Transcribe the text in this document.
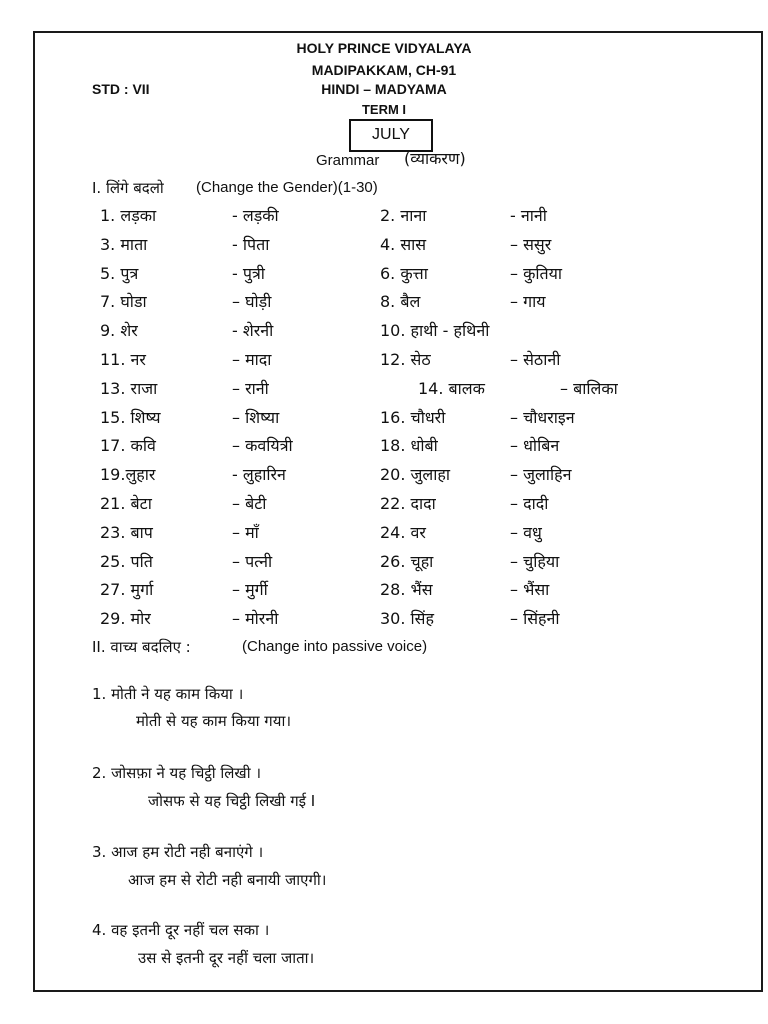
HOLY PRINCE VIDYALAYA
MADIPAKKAM, CH-91
STD : VII	HINDI – MADYAMA
TERM I
JULY
Grammar (व्याकरण)
I. लिंगे बदलो (Change the Gender)(1-30)
1. लड़का	- लड़की	2. नाना	- नानी
3. माता	- पिता	4. सास	– ससुर
5. पुत्र	- पुत्री	6. कुत्ता	– कुतिया
7. घोडा	– घोड़ी	8. बैल	– गाय
9. शेर	- शेरनी	10. हाथी - हथिनी
11. नर	– मादा	12. सेठ	– सेठानी
13. राजा	– रानी	14. बालक	– बालिका
15. शिष्य	– शिष्या	16. चौधरी	– चौधराइन
17. कवि	– कवयित्री	18. धोबी	– धोबिन
19.लुहार	- लुहारिन	20. जुलाहा	– जुलाहिन
21. बेटा	– बेटी	22. दादा	– दादी
23. बाप	– माँ	24. वर	– वधु
25. पति	– पत्नी	26. चूहा	– चुहिया
27. मुर्गा	– मुर्गी	28. भैंस	– भैंसा
29. मोर	– मोरनी	30. सिंह	– सिंहनी
II. वाच्य बदलिए :	(Change into passive voice)
1. मोती ने यह काम किया ।
मोती से यह काम किया गया।
2. जोसफ़ा ने यह चिट्ठी लिखी ।
जोसफ से यह चिट्ठी लिखी गई I
3. आज हम रोटी नही बनाएंगे ।
आज हम से रोटी नही बनायी जाएगी।
4. वह इतनी दूर नहीं चल सका ।
उस से इतनी दूर नहीं चला जाता।
